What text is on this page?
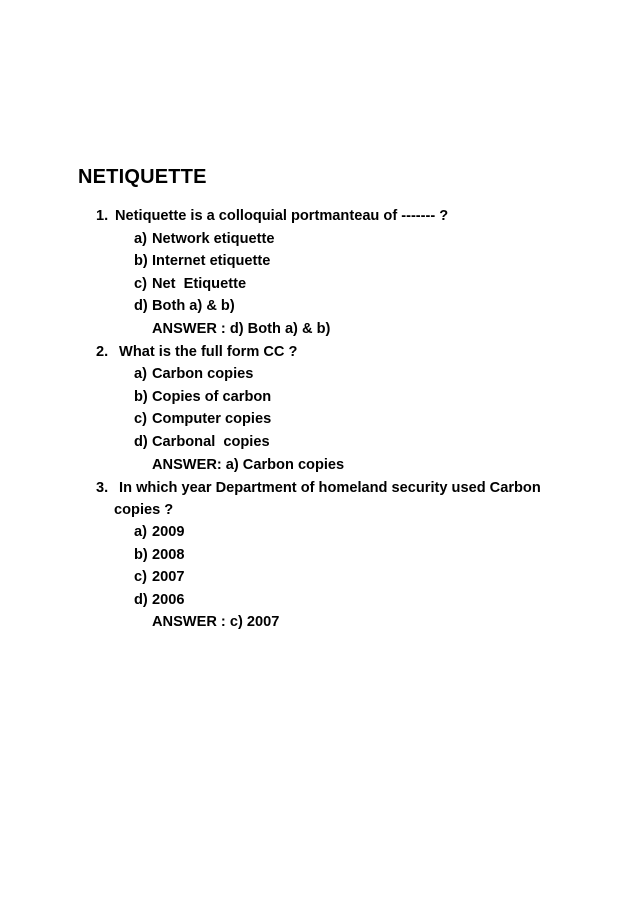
NETIQUETTE
1. Netiquette is a colloquial portmanteau of ------- ?
a) Network etiquette
b) Internet etiquette
c) Net  Etiquette
d) Both a) & b)
ANSWER : d) Both a) & b)
2. What is the full form CC ?
a) Carbon copies
b) Copies of carbon
c) Computer copies
d) Carbonal  copies
ANSWER: a) Carbon copies
3. In which year Department of homeland security used Carbon
copies ?
a) 2009
b) 2008
c) 2007
d) 2006
ANSWER : c) 2007
